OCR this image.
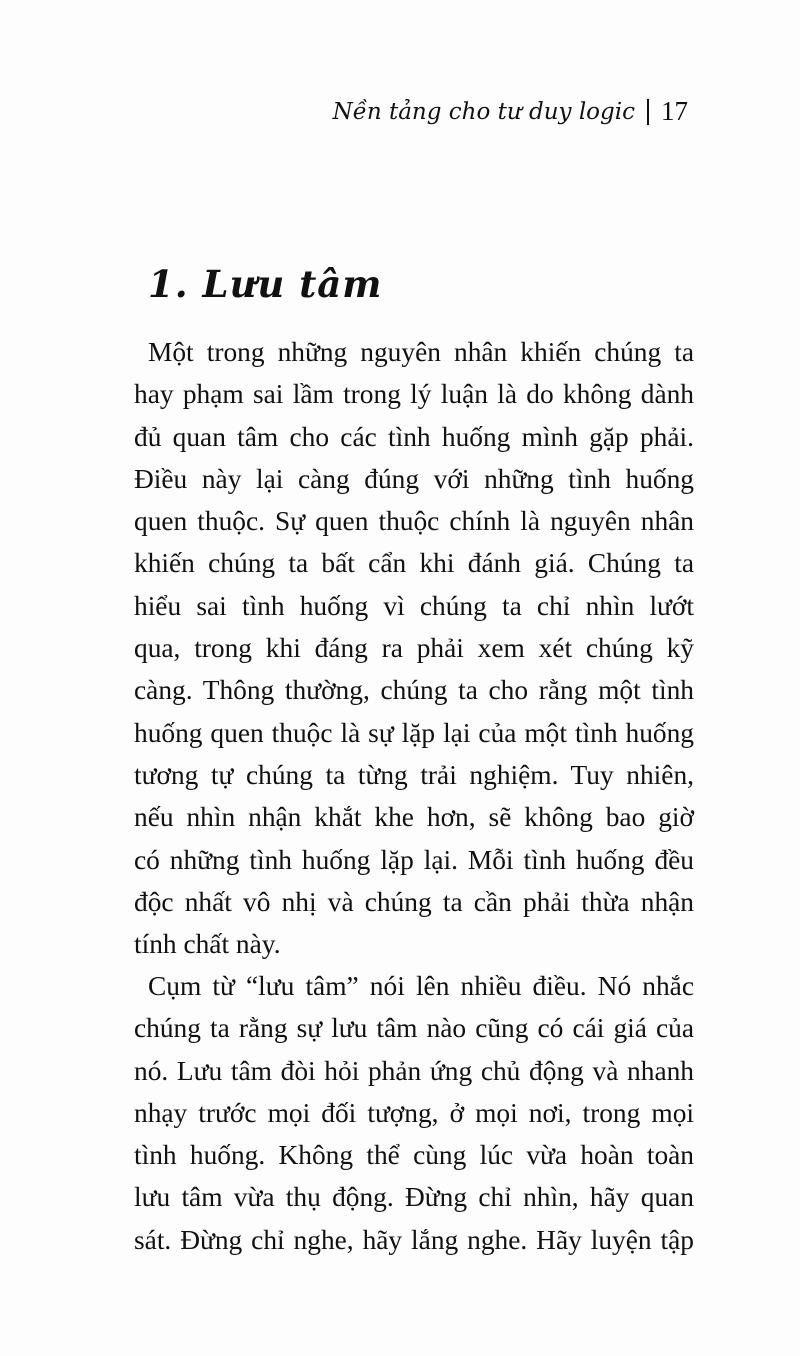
Nền tảng cho tư duy logic 17
1. Lưu tâm

Một trong những nguyên nhân khiến chúng ta
hay phạm sai lầm trong lý luận là do không dành
đủ quan tâm cho các tình huống mình gặp phải.
Điều này lại càng đúng với những tình huống
quen thuộc. Sự quen thuộc chính là nguyên nhân
khiến chúng ta bất cẩn khi đánh giá. Chúng ta
hiểu sai tình huống vì chúng ta chỉ nhìn lướt
qua, trong khi đáng ra phải xem xét chúng kỹ
càng. Thông thường, chúng ta cho rằng một tình
huống quen thuộc là sự lặp lại của một tình huống
tương tự chúng ta từng trải nghiệm. Tuy nhiên,
nếu nhìn nhận khắt khe hơn, sẽ không bao giờ
có những tình huống lặp lại. Mỗi tình huống đều
độc nhất vô nhị và chúng ta cần phải thừa nhận
tính chất này.

Cụm từ “lưu tâm” nói lên nhiều điều. Nó nhắc
chúng ta rằng sự lưu tâm nào cũng có cái giá của
nó. Lưu tâm đòi hỏi phản ứng chủ động và nhanh
nhạy trước mọi đối tượng, ở mọi nơi, trong mọi
tình huống. Không thể cùng lúc vừa hoàn toàn
lưu tâm vừa thụ động. Đừng chỉ nhìn, hãy quan
sát. Đừng chỉ nghe, hãy lắng nghe. Hãy luyện tập
